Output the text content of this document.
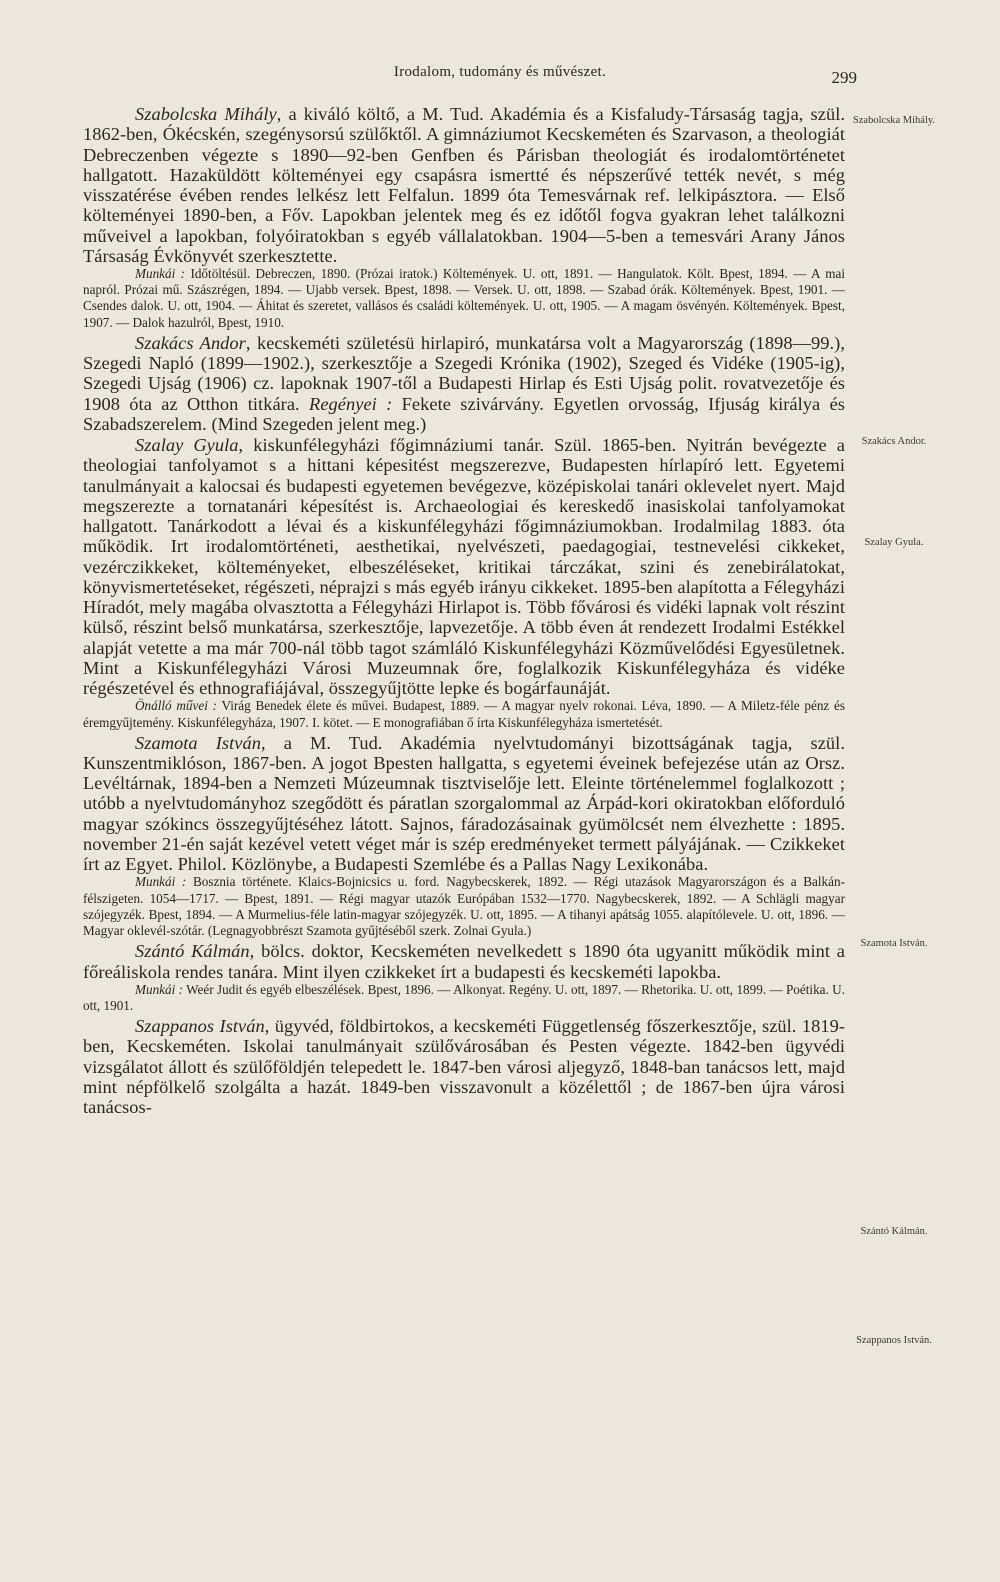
Irodalom, tudomány és művészet.	299
Szabolcska Mihály.
Szakács Andor.
Szalay Gyula.
Szamota István.
Szántó Kálmán.
Szappanos István.

Szabolcska Mihály, a kiváló költő, a M. Tud. Akadémia és a Kisfaludy-Társaság tagja, szül. 1862-ben, Ókécskén, szegénysorsú szülőktől. A gimnáziumot Kecskeméten és Szarvason, a theologiát Debreczenben végezte s 1890—92-ben Genfben és Párisban theologiát és irodalomtörténetet hallgatott. Hazaküldött költeményei egy csapásra ismertté és népszerűvé tették nevét, s még visszatérése évében rendes lelkész lett Felfalun. 1899 óta Temesvárnak ref. lelkipásztora. — Első költeményei 1890-ben, a Főv. Lapokban jelentek meg és ez időtől fogva gyakran lehet találkozni műveivel a lapokban, folyóiratokban s egyéb vállalatokban. 1904—5-ben a temesvári Arany János Társaság Évkönyvét szerkesztette.

Munkái : Időtöltésül. Debreczen, 1890. (Prózai iratok.) Költemények. U. ott, 1891. — Hangulatok. Költ. Bpest, 1894. — A mai napról. Prózai mű. Szászrégen, 1894. — Ujabb versek. Bpest, 1898. — Versek. U. ott, 1898. — Szabad órák. Költemények. Bpest, 1901. — Csendes dalok. U. ott, 1904. — Áhitat és szeretet, vallásos és családi költemények. U. ott, 1905. — A magam ösvényén. Költemények. Bpest, 1907. — Dalok hazulról, Bpest, 1910.

Szakács Andor, kecskeméti születésü hirlapiró, munkatársa volt a Magyarország (1898—99.), Szegedi Napló (1899—1902.), szerkesztője a Szegedi Krónika (1902), Szeged és Vidéke (1905-ig), Szegedi Ujság (1906) cz. lapoknak 1907-től a Budapesti Hirlap és Esti Ujság polit. rovatvezetője és 1908 óta az Otthon titkára. Regényei : Fekete szivárvány. Egyetlen orvosság, Ifjuság királya és Szabadszerelem. (Mind Szegeden jelent meg.)

Szalay Gyula, kiskunfélegyházi főgimnáziumi tanár. Szül. 1865-ben. Nyitrán bevégezte a theologiai tanfolyamot s a hittani képesitést megszerezve, Budapesten hírlapíró lett. Egyetemi tanulmányait a kalocsai és budapesti egyetemen bevégezve, középiskolai tanári oklevelet nyert. Majd megszerezte a tornatanári képesítést is. Archaeologiai és kereskedő inasiskolai tanfolyamokat hallgatott. Tanárkodott a lévai és a kiskunfélegyházi főgimnáziumokban. Irodalmilag 1883. óta működik. Irt irodalomtörténeti, aesthetikai, nyelvészeti, paedagogiai, testnevelési cikkeket, vezérczikkeket, költeményeket, elbeszéléseket, kritikai tárczákat, szini és zenebirálatokat, könyvismertetéseket, régészeti, néprajzi s más egyéb irányu cikkeket. 1895-ben alapította a Félegyházi Híradót, mely magába olvasztotta a Félegyházi Hirlapot is. Több fővárosi és vidéki lapnak volt részint külső, részint belső munkatársa, szerkesztője, lapvezetője. A több éven át rendezett Irodalmi Estékkel alapját vetette a ma már 700-nál több tagot számláló Kiskunfélegyházi Közművelődési Egyesületnek. Mint a Kiskunfélegyházi Városi Muzeumnak őre, foglalkozik Kiskunfélegyháza és vidéke régészetével és ethnografiájával, összegyűjtötte lepke és bogárfaunáját.

Önálló művei : Virág Benedek élete és művei. Budapest, 1889. — A magyar nyelv rokonai. Léva, 1890. — A Miletz-féle pénz és éremgyűjtemény. Kiskunfélegyháza, 1907. I. kötet. — E monografiában ő írta Kiskunfélegyháza ismertetését.

Szamota István, a M. Tud. Akadémia nyelvtudományi bizottságának tagja, szül. Kunszentmiklóson, 1867-ben. A jogot Bpesten hallgatta, s egyetemi éveinek befejezése után az Orsz. Levéltárnak, 1894-ben a Nemzeti Múzeumnak tisztviselője lett. Eleinte történelemmel foglalkozott ; utóbb a nyelvtudományhoz szegődött és páratlan szorgalommal az Árpád-kori okiratokban előforduló magyar szókincs összegyűjtéséhez látott. Sajnos, fáradozásainak gyümölcsét nem élvezhette : 1895. november 21-én saját kezével vetett véget már is szép eredményeket termett pályájának. — Czikkeket írt az Egyet. Philol. Közlönybe, a Budapesti Szemlébe és a Pallas Nagy Lexikonába.

Munkái : Bosznia története. Klaics-Bojnicsics u. ford. Nagybecskerek, 1892. — Régi utazások Magyarországon és a Balkán-félszigeten. 1054—1717. — Bpest, 1891. — Régi magyar utazók Európában 1532—1770. Nagybecskerek, 1892. — A Schlägli magyar szójegyzék. Bpest, 1894. — A Murmelius-féle latin-magyar szójegyzék. U. ott, 1895. — A tihanyi apátság 1055. alapítólevele. U. ott, 1896. — Magyar oklevél-szótár. (Legnagyobbrészt Szamota gyűjtéséből szerk. Zolnai Gyula.)

Szántó Kálmán, bölcs. doktor, Kecskeméten nevelkedett s 1890 óta ugyanitt működik mint a főreáliskola rendes tanára. Mint ilyen czikkeket írt a budapesti és kecskeméti lapokba.

Munkái : Weér Judit és egyéb elbeszélések. Bpest, 1896. — Alkonyat. Regény. U. ott, 1897. — Rhetorika. U. ott, 1899. — Poétika. U. ott, 1901.

Szappanos István, ügyvéd, földbirtokos, a kecskeméti Függetlenség főszerkesztője, szül. 1819-ben, Kecskeméten. Iskolai tanulmányait szülővárosában és Pesten végezte. 1842-ben ügyvédi vizsgálatot állott és szülőföldjén telepedett le. 1847-ben városi aljegyző, 1848-ban tanácsos lett, majd mint népfölkelő szolgálta a hazát. 1849-ben visszavonult a közélettől ; de 1867-ben újra városi tanácsos-
